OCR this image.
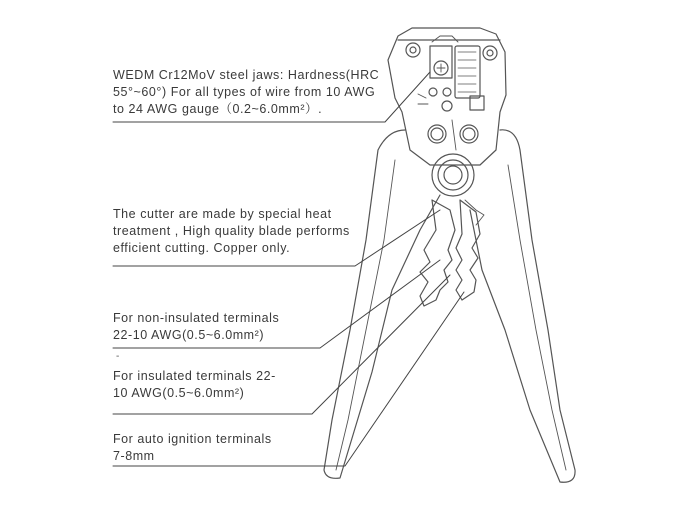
WEDM Cr12MoV steel jaws: Hardness(HRC
55°~60°) For all types of wire from 10 AWG
to 24 AWG gauge（0.2~6.0mm²）.
The cutter are made by special heat
treatment , High quality blade performs
efficient cutting. Copper only.
For non-insulated terminals
22-10 AWG(0.5~6.0mm²)
-
For insulated terminals 22-
10 AWG(0.5~6.0mm²)
For auto ignition terminals
7-8mm
